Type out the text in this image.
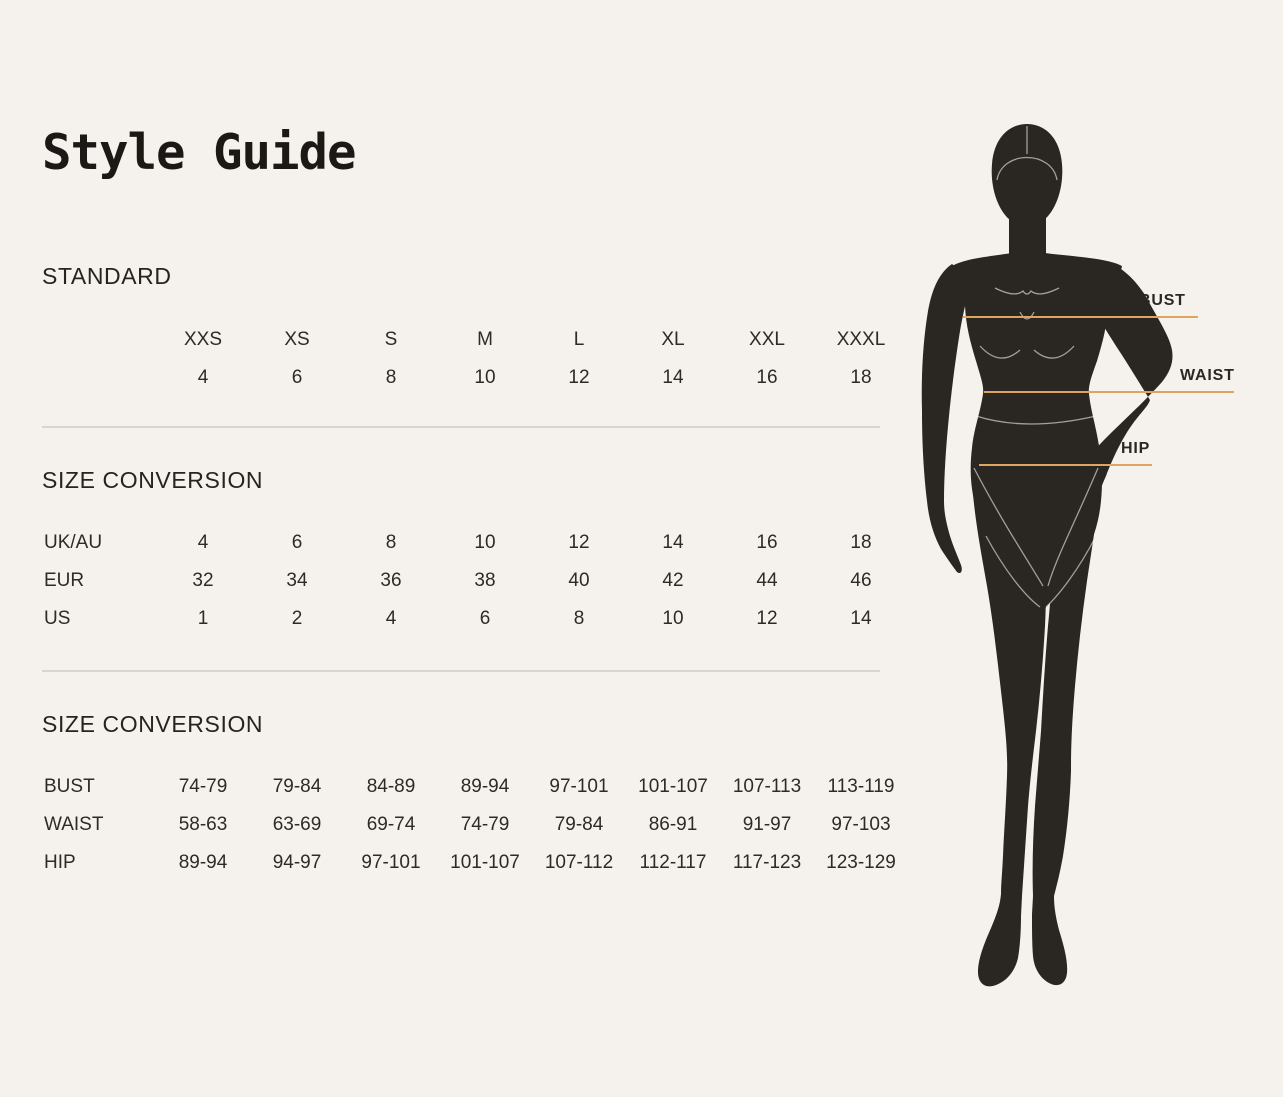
Style Guide
STANDARD
XXS	XS	S	M	L	XL	XXL	XXXL
4	6	8	10	12	14	16	18
SIZE CONVERSION
UK/AU	4	6	8	10	12	14	16	18
EUR	32	34	36	38	40	42	44	46
US	1	2	4	6	8	10	12	14
SIZE CONVERSION
BUST	74-79	79-84	84-89	89-94	97-101	101-107	107-113	113-119
WAIST	58-63	63-69	69-74	74-79	79-84	86-91	91-97	97-103
HIP	89-94	94-97	97-101	101-107	107-112	112-117	117-123	123-129
BUST
WAIST
HIP
